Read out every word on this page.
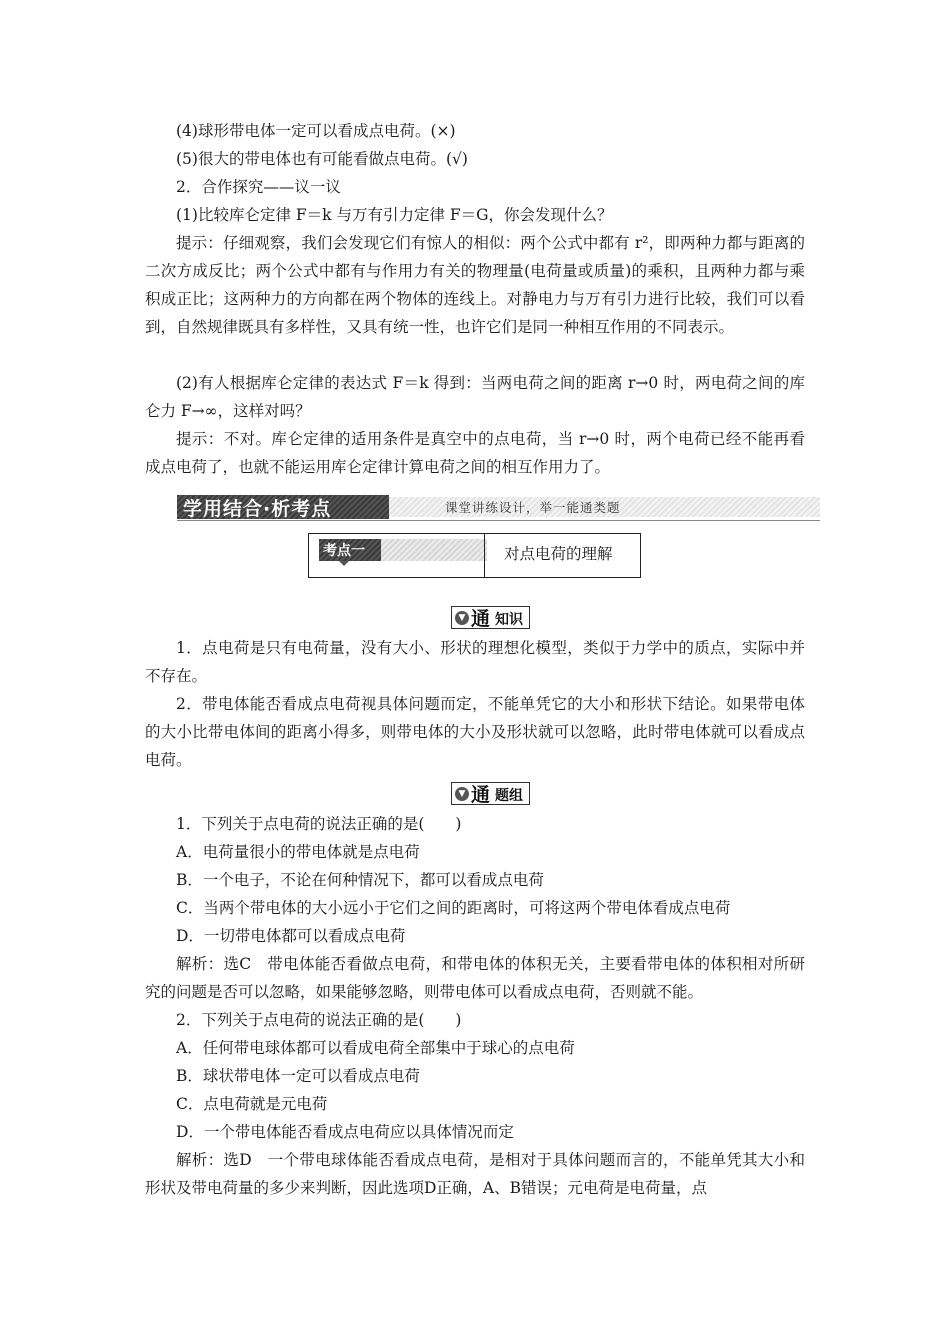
(4)球形带电体一定可以看成点电荷。(×)

(5)很大的带电体也有可能看做点电荷。(√)

2．合作探究——议一议

(1)比较库仑定律 F＝k 与万有引力定律 F＝G，你会发现什么？

提示：仔细观察，我们会发现它们有惊人的相似：两个公式中都有 r²，即两种力都与距离的二次方成反比；两个公式中都有与作用力有关的物理量(电荷量或质量)的乘积，且两种力都与乘积成正比；这两种力的方向都在两个物体的连线上。对静电力与万有引力进行比较，我们可以看到，自然规律既具有多样性，又具有统一性，也许它们是同一种相互作用的不同表示。

(2)有人根据库仑定律的表达式 F＝k 得到：当两电荷之间的距离 r→0 时，两电荷之间的库仑力 F→∞，这样对吗？

提示：不对。库仑定律的适用条件是真空中的点电荷，当 r→0 时，两个电荷已经不能再看成点电荷了，也就不能运用库仑定律计算电荷之间的相互作用力了。

学用结合·析考点	课堂讲练设计，举一能通类题
考点一	对点电荷的理解
▼ 通 知识

1．点电荷是只有电荷量，没有大小、形状的理想化模型，类似于力学中的质点，实际中并不存在。

2．带电体能否看成点电荷视具体问题而定，不能单凭它的大小和形状下结论。如果带电体的大小比带电体间的距离小得多，则带电体的大小及形状就可以忽略，此时带电体就可以看成点电荷。

▼ 通 题组

1．下列关于点电荷的说法正确的是(　　)

A．电荷量很小的带电体就是点电荷

B．一个电子，不论在何种情况下，都可以看成点电荷

C．当两个带电体的大小远小于它们之间的距离时，可将这两个带电体看成点电荷

D．一切带电体都可以看成点电荷

解析：选C　带电体能否看做点电荷，和带电体的体积无关，主要看带电体的体积相对所研究的问题是否可以忽略，如果能够忽略，则带电体可以看成点电荷，否则就不能。

2．下列关于点电荷的说法正确的是(　　)

A．任何带电球体都可以看成电荷全部集中于球心的点电荷

B．球状带电体一定可以看成点电荷

C．点电荷就是元电荷

D．一个带电体能否看成点电荷应以具体情况而定

解析：选D　一个带电球体能否看成点电荷，是相对于具体问题而言的，不能单凭其大小和形状及带电荷量的多少来判断，因此选项D正确，A、B错误；元电荷是电荷量，点
